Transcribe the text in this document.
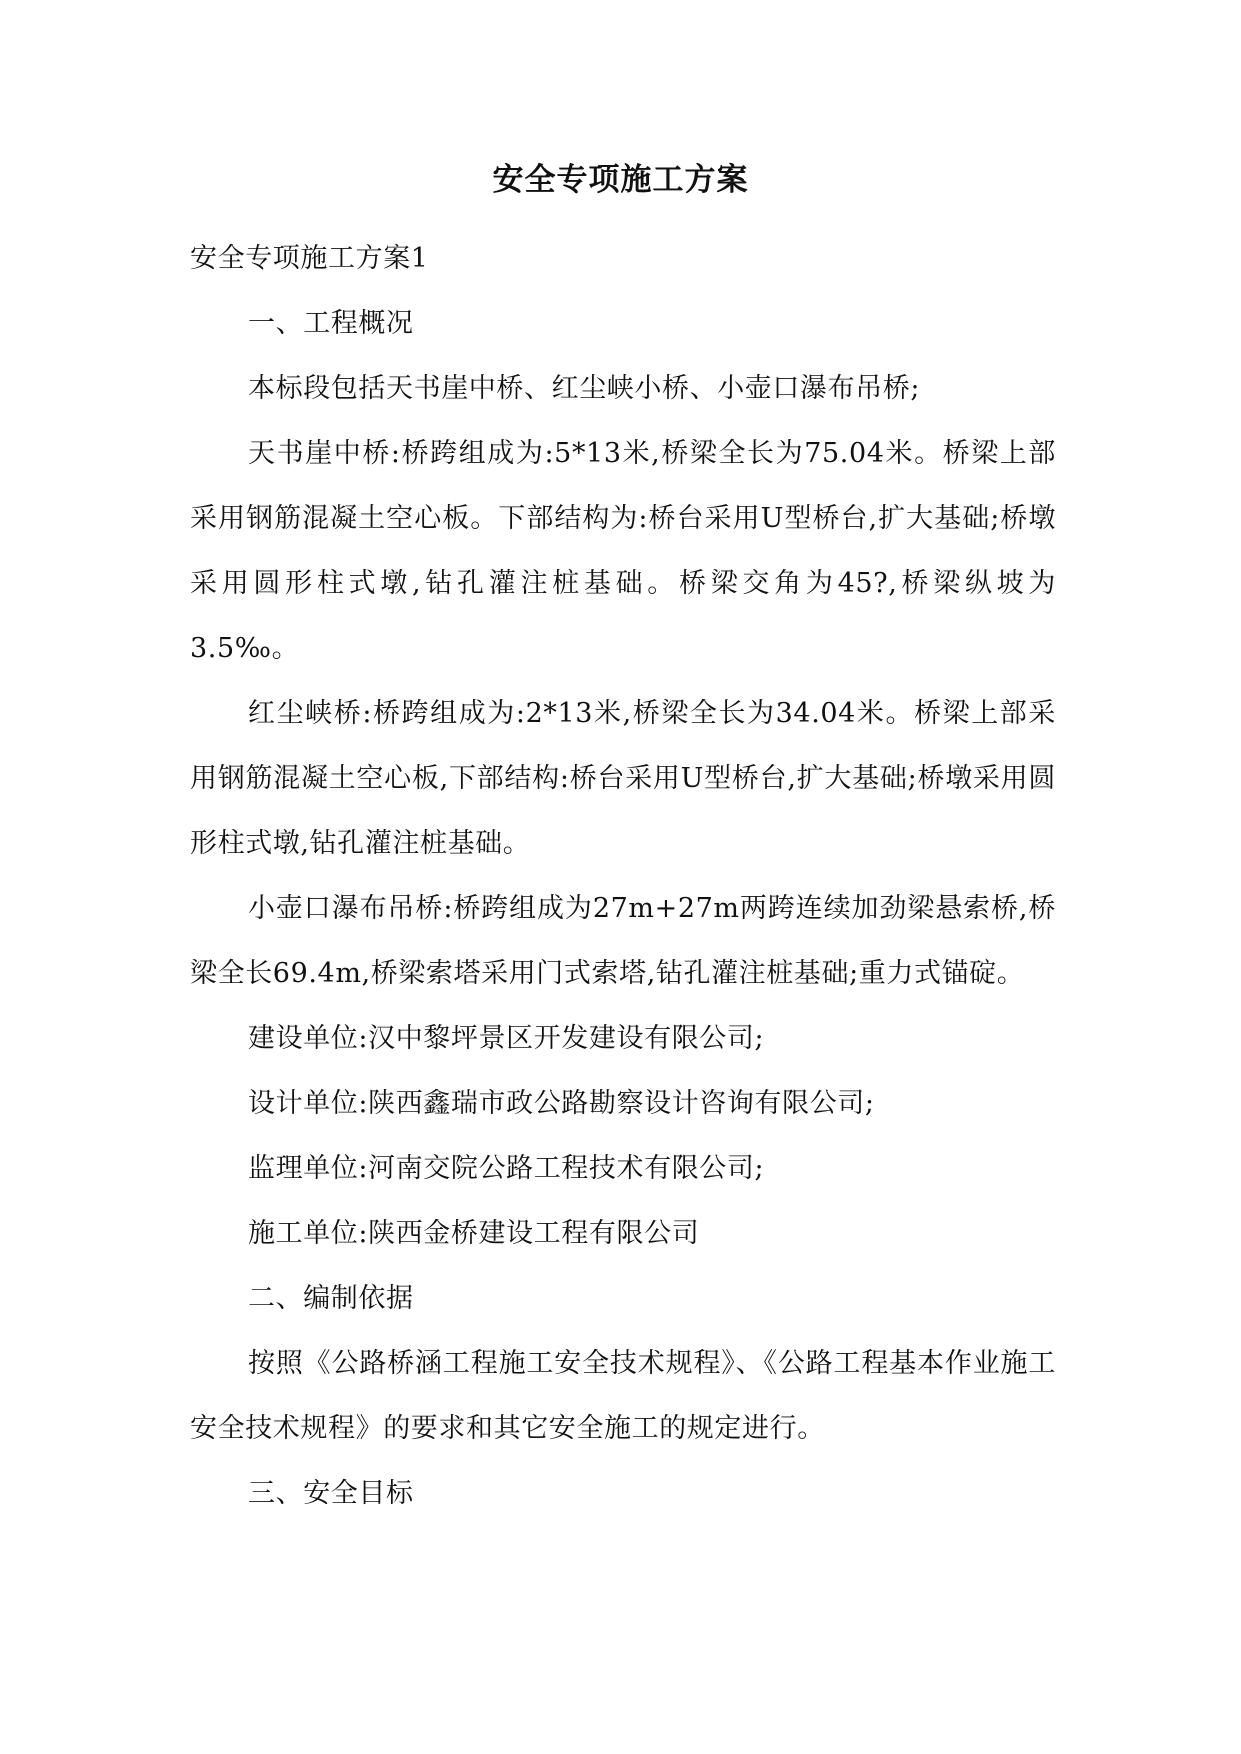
安全专项施工方案

安全专项施工方案1

一、工程概况

本标段包括天书崖中桥、红尘峡小桥、小壶口瀑布吊桥;

天书崖中桥:桥跨组成为:5*13米,桥梁全长为75.04米。桥梁上部采用钢筋混凝土空心板。下部结构为:桥台采用U型桥台,扩大基础;桥墩采用圆形柱式墩,钻孔灌注桩基础。桥梁交角为45?,桥梁纵坡为3.5‰。

红尘峡桥:桥跨组成为:2*13米,桥梁全长为34.04米。桥梁上部采用钢筋混凝土空心板,下部结构:桥台采用U型桥台,扩大基础;桥墩采用圆形柱式墩,钻孔灌注桩基础。

小壶口瀑布吊桥:桥跨组成为27m+27m两跨连续加劲梁悬索桥,桥梁全长69.4m,桥梁索塔采用门式索塔,钻孔灌注桩基础;重力式锚碇。

建设单位:汉中黎坪景区开发建设有限公司;

设计单位:陕西鑫瑞市政公路勘察设计咨询有限公司;

监理单位:河南交院公路工程技术有限公司;

施工单位:陕西金桥建设工程有限公司

二、编制依据

按照《公路桥涵工程施工安全技术规程》、《公路工程基本作业施工安全技术规程》的要求和其它安全施工的规定进行。

三、安全目标
